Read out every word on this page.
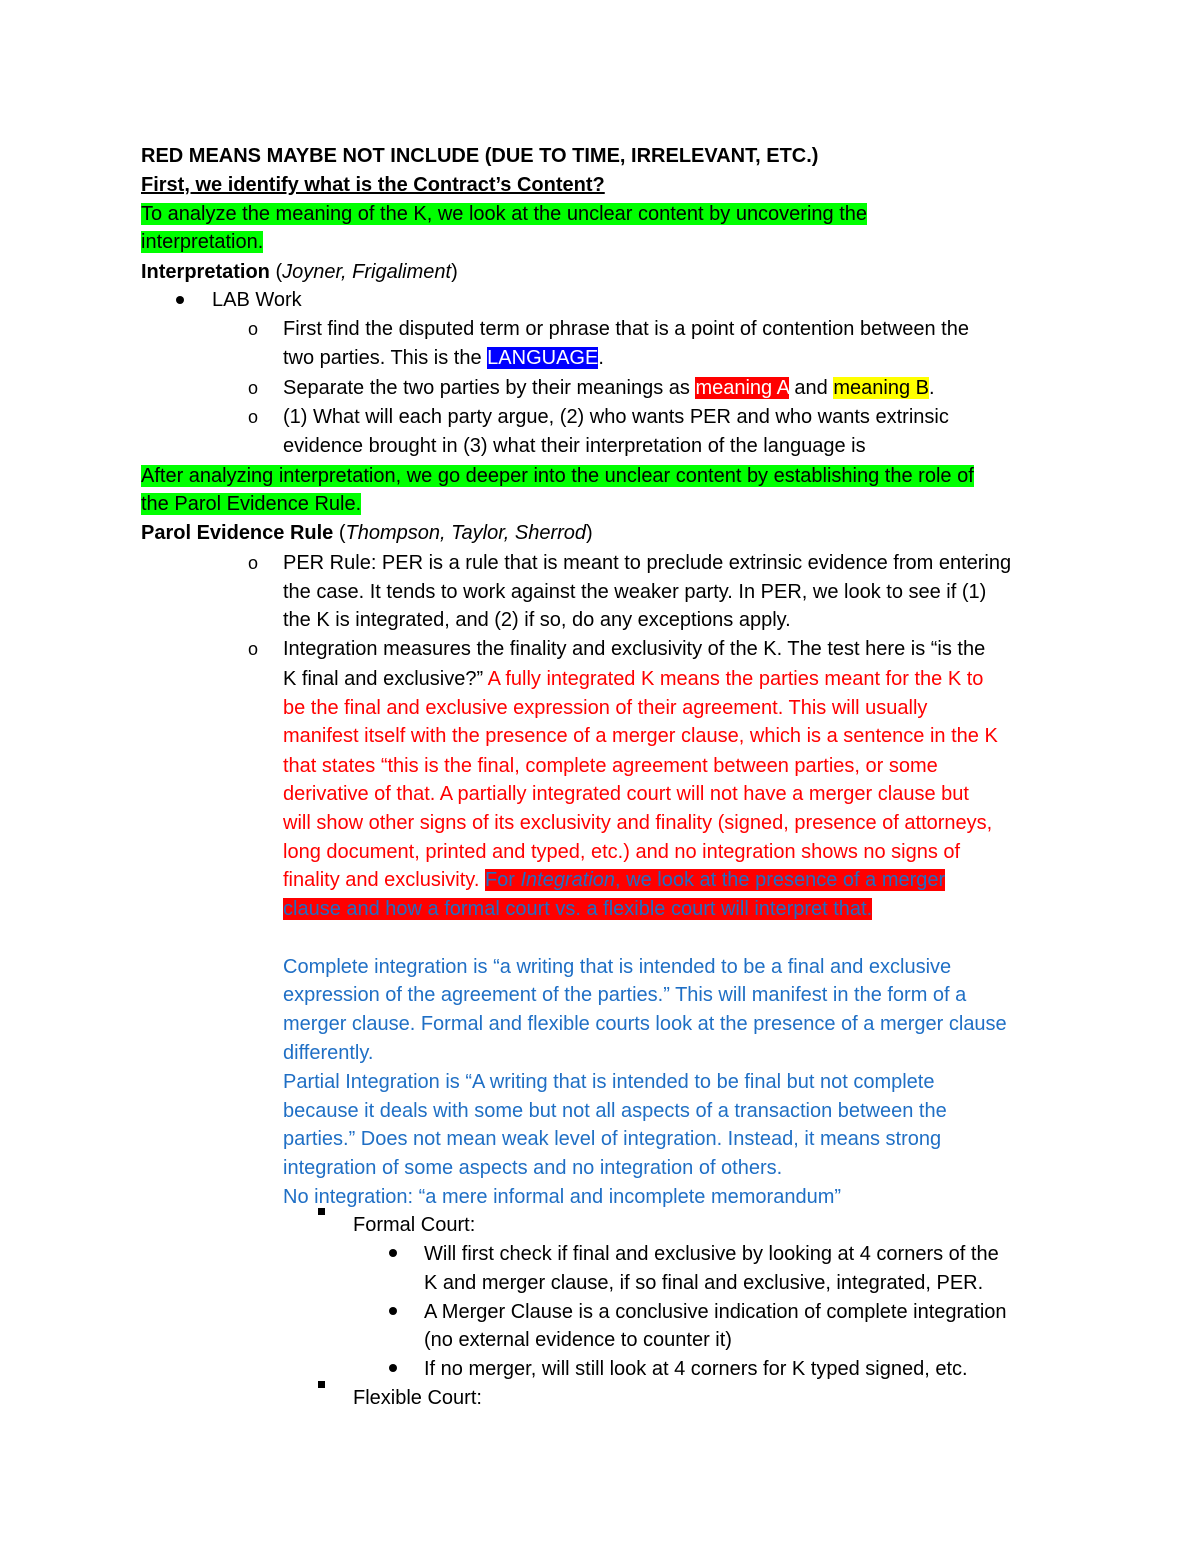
RED MEANS MAYBE NOT INCLUDE (DUE TO TIME, IRRELEVANT, ETC.)
First, we identify what is the Contract’s Content?
To analyze the meaning of the K, we look at the unclear content by uncovering the
interpretation.
Interpretation (Joyner, Frigaliment)
LAB Work
o First find the disputed term or phrase that is a point of contention between the
two parties. This is the LANGUAGE.
o Separate the two parties by their meanings as meaning A and meaning B.
o (1) What will each party argue, (2) who wants PER and who wants extrinsic
evidence brought in (3) what their interpretation of the language is
After analyzing interpretation, we go deeper into the unclear content by establishing the role of
the Parol Evidence Rule.
Parol Evidence Rule (Thompson, Taylor, Sherrod)
o PER Rule: PER is a rule that is meant to preclude extrinsic evidence from entering
the case. It tends to work against the weaker party. In PER, we look to see if (1)
the K is integrated, and (2) if so, do any exceptions apply.
o Integration measures the finality and exclusivity of the K. The test here is “is the
K final and exclusive?” A fully integrated K means the parties meant for the K to
be the final and exclusive expression of their agreement. This will usually
manifest itself with the presence of a merger clause, which is a sentence in the K
that states “this is the final, complete agreement between parties, or some
derivative of that. A partially integrated court will not have a merger clause but
will show other signs of its exclusivity and finality (signed, presence of attorneys,
long document, printed and typed, etc.) and no integration shows no signs of
finality and exclusivity. For Integration, we look at the presence of a merger
clause and how a formal court vs. a flexible court will interpret that.
Complete integration is “a writing that is intended to be a final and exclusive
expression of the agreement of the parties.” This will manifest in the form of a
merger clause. Formal and flexible courts look at the presence of a merger clause
differently.
Partial Integration is “A writing that is intended to be final but not complete
because it deals with some but not all aspects of a transaction between the
parties.” Does not mean weak level of integration. Instead, it means strong
integration of some aspects and no integration of others.
No integration: “a mere informal and incomplete memorandum”
Formal Court:
Will first check if final and exclusive by looking at 4 corners of the
K and merger clause, if so final and exclusive, integrated, PER.
A Merger Clause is a conclusive indication of complete integration
(no external evidence to counter it)
If no merger, will still look at 4 corners for K typed signed, etc.
Flexible Court:
